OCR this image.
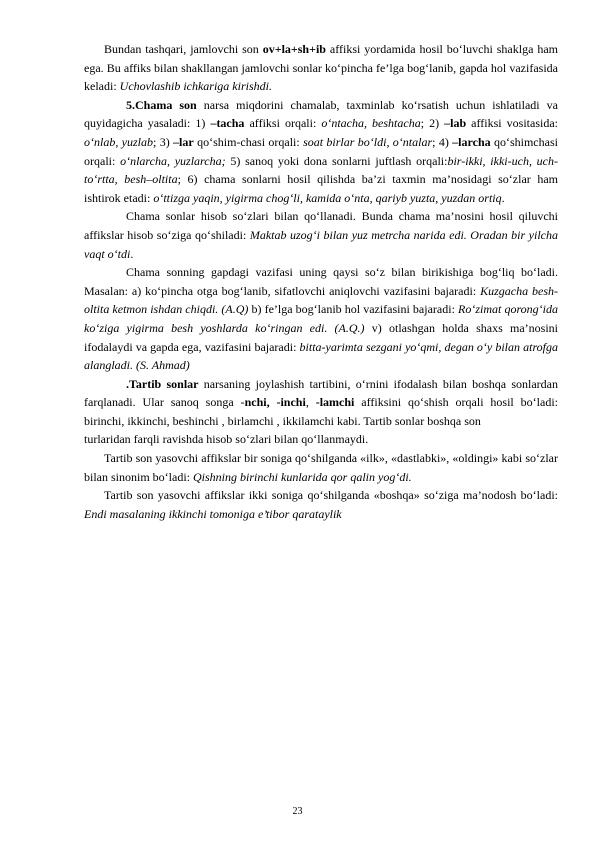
Bundan tashqari, jamlovchi son ov+la+sh+ib affiksi yordamida hosil bo‘luvchi shaklga ham ega. Bu affiks bilan shakllangan jamlovchi sonlar ko‘pincha fe’lga bog‘lanib, gapda hol vazifasida keladi: Uchovlashib ichkariga kirishdi.

5.Chama son narsa miqdorini chamalab, taxminlab ko‘rsatish uchun ishlatiladi va quyidagicha yasaladi: 1) –tacha affiksi orqali: o‘ntacha, beshtacha; 2) –lab affiksi vositasida: o‘nlab, yuzlab; 3) –lar qo‘shim-chasi orqali: soat birlar bo‘ldi, o‘ntalar; 4) –larcha qo‘shimchasi orqali: o‘nlarcha, yuzlarcha; 5) sanoq yoki dona sonlarni juftlash orqali:bir-ikki, ikki-uch, uch-to‘rtta, besh–oltita; 6) chama sonlarni hosil qilishda ba’zi taxmin ma’nosidagi so‘zlar ham ishtirok etadi: o‘ttizga yaqin, yigirma chog‘li, kamida o‘nta, qariyb yuzta, yuzdan ortiq.

Chama sonlar hisob so‘zlari bilan qo‘llanadi. Bunda chama ma’nosini hosil qiluvchi affikslar hisob so‘ziga qo‘shiladi: Maktab uzog‘i bilan yuz metrcha narida edi. Oradan bir yilcha vaqt o‘tdi.

Chama sonning gapdagi vazifasi uning qaysi so‘z bilan birikishiga bog‘liq bo‘ladi. Masalan: a) ko‘pincha otga bog‘lanib, sifatlovchi aniqlovchi vazifasini bajaradi: Kuzgacha besh-oltita ketmon ishdan chiqdi. (A.Q) b) fe’lga bog‘lanib hol vazifasini bajaradi: Ro‘zimat qorong‘ida ko‘ziga yigirma besh yoshlarda ko‘ringan edi. (A.Q.) v) otlashgan holda shaxs ma’nosini ifodalaydi va gapda ega, vazifasini bajaradi: bitta-yarimta sezgani yo‘qmi, degan o‘y bilan atrofga alangladi. (S. Ahmad)

.Tartib sonlar narsaning joylashish tartibini, o‘rnini ifodalash bilan boshqa sonlardan farqlanadi. Ular sanoq songa -nchi, -inchi, -lamchi affiksini qo‘shish orqali hosil bo‘ladi: birinchi, ikkinchi, beshinchi , birlamchi , ikkilamchi kabi. Tartib sonlar boshqa son

turlaridan farqli ravishda hisob so‘zlari bilan qo‘llanmaydi.

Tartib son yasovchi affikslar bir soniga qo‘shilganda «ilk», «dastlabki», «oldingi» kabi so‘zlar bilan sinonim bo‘ladi: Qishning birinchi kunlarida qor qalin yog‘di.

Tartib son yasovchi affikslar ikki soniga qo‘shilganda «boshqa» so‘ziga ma’nodosh bo‘ladi: Endi masalaning ikkinchi tomoniga e’tibor qarataylik

23
